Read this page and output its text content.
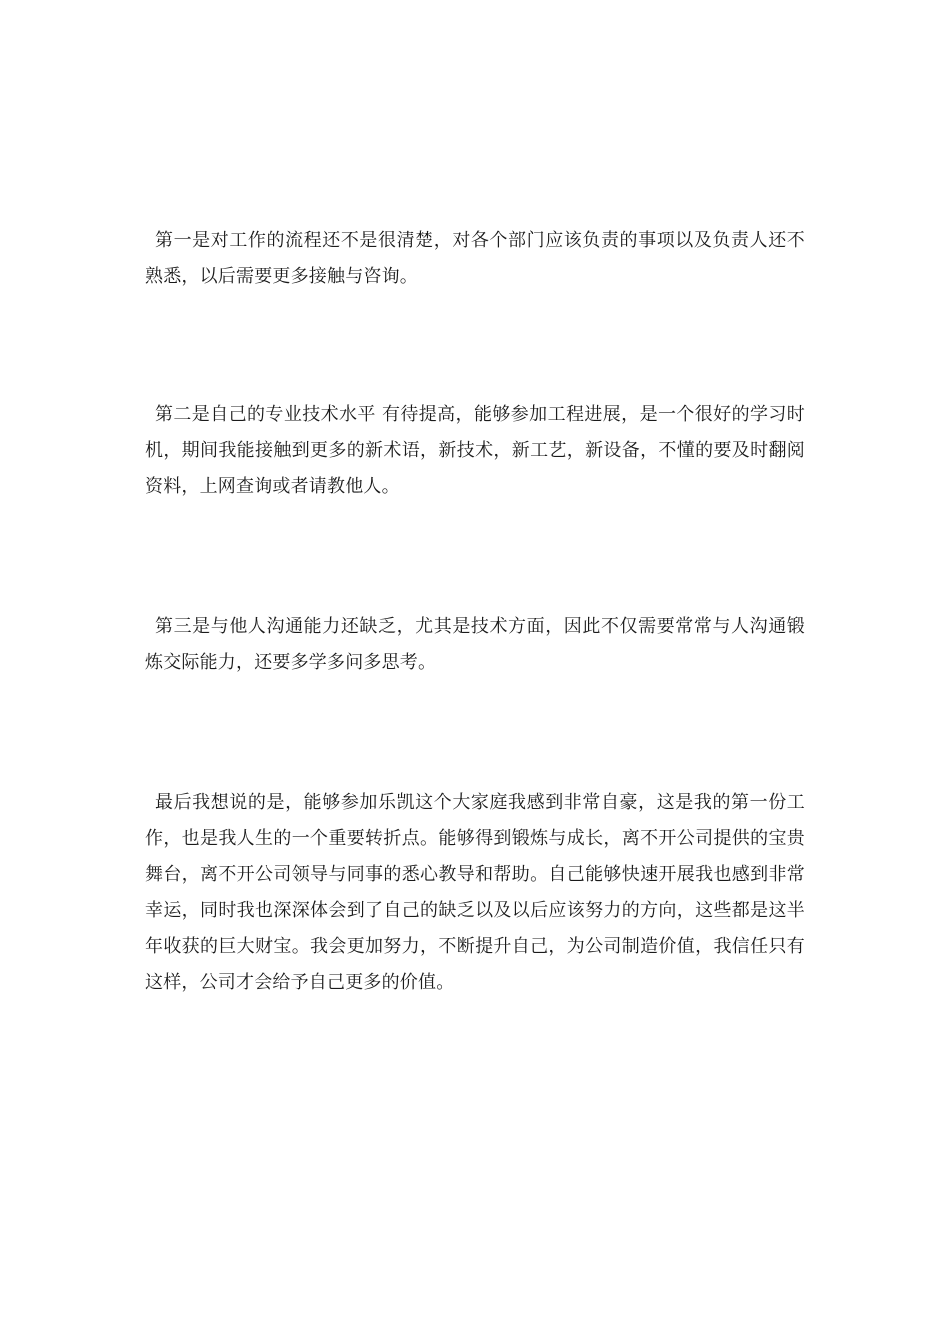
第一是对工作的流程还不是很清楚，对各个部门应该负责的事项以及负责人还不熟悉，以后需要更多接触与咨询。

第二是自己的专业技术水平 有待提高，能够参加工程进展，是一个很好的学习时机，期间我能接触到更多的新术语，新技术，新工艺，新设备，不懂的要及时翻阅资料，上网查询或者请教他人。

第三是与他人沟通能力还缺乏，尤其是技术方面，因此不仅需要常常与人沟通锻炼交际能力，还要多学多问多思考。

最后我想说的是，能够参加乐凯这个大家庭我感到非常自豪，这是我的第一份工作，也是我人生的一个重要转折点。能够得到锻炼与成长，离不开公司提供的宝贵舞台，离不开公司领导与同事的悉心教导和帮助。自己能够快速开展我也感到非常幸运，同时我也深深体会到了自己的缺乏以及以后应该努力的方向，这些都是这半年收获的巨大财宝。我会更加努力，不断提升自己，为公司制造价值，我信任只有这样，公司才会给予自己更多的价值。
